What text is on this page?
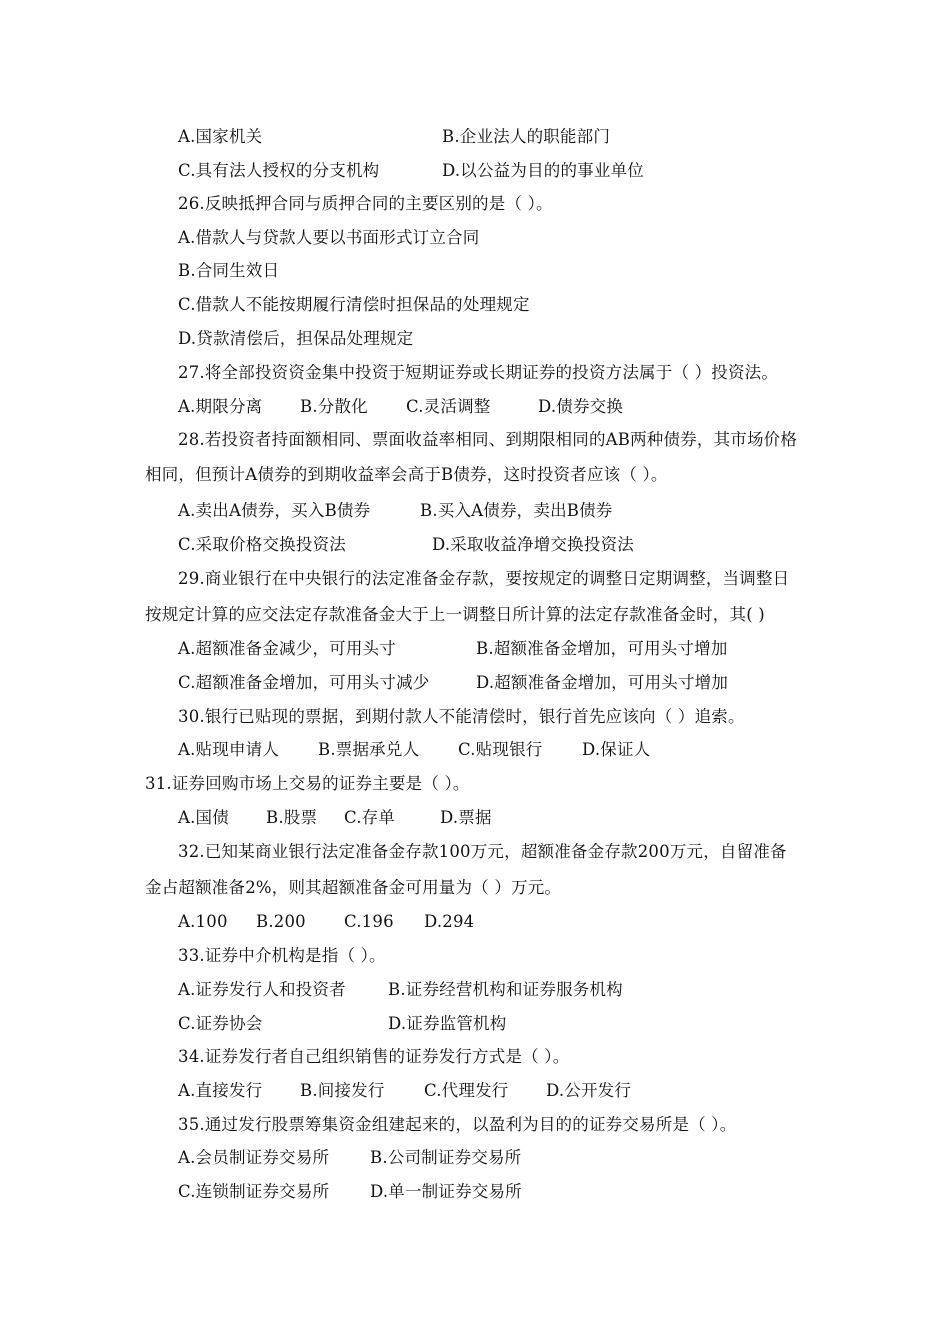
A.国家机关	B.企业法人的职能部门
C.具有法人授权的分支机构	D.以公益为目的的事业单位
26.反映抵押合同与质押合同的主要区别的是（ ）。
A.借款人与贷款人要以书面形式订立合同
B.合同生效日
C.借款人不能按期履行清偿时担保品的处理规定
D.贷款清偿后，担保品处理规定
27.将全部投资资金集中投资于短期证券或长期证券的投资方法属于（ ）投资法。
A.期限分离 B.分散化 C.灵活调整	D.债券交换
28.若投资者持面额相同、票面收益率相同、到期限相同的AB两种债券，其市场价格
相同，但预计A债券的到期收益率会高于B债券，这时投资者应该（ ）。
A.卖出A债券，买入B债券	B.买入A债券，卖出B债券
C.采取价格交换投资法	D.采取收益净增交换投资法
29.商业银行在中央银行的法定准备金存款，要按规定的调整日定期调整，当调整日
按规定计算的应交法定存款准备金大于上一调整日所计算的法定存款准备金时，其( )
A.超额准备金减少，可用头寸	B.超额准备金增加，可用头寸增加
C.超额准备金增加，可用头寸减少	D.超额准备金增加，可用头寸增加
30.银行已贴现的票据，到期付款人不能清偿时，银行首先应该向（ ）追索。
A.贴现申请人 B.票据承兑人 C.贴现银行 D.保证人
31.证券回购市场上交易的证券主要是（ ）。
A.国债 B.股票 C.存单	D.票据
32.已知某商业银行法定准备金存款100万元，超额准备金存款200万元，自留准备
金占超额准备2%，则其超额准备金可用量为（ ）万元。
A.100 B.200 C.196 D.294
33.证券中介机构是指（ ）。
A.证券发行人和投资者	B.证券经营机构和证券服务机构
C.证券协会	D.证券监管机构
34.证券发行者自己组织销售的证券发行方式是（ ）。
A.直接发行 B.间接发行 C.代理发行 D.公开发行
35.通过发行股票筹集资金组建起来的，以盈利为目的的证券交易所是（ ）。
A.会员制证券交易所 B.公司制证券交易所
C.连锁制证券交易所 D.单一制证券交易所
